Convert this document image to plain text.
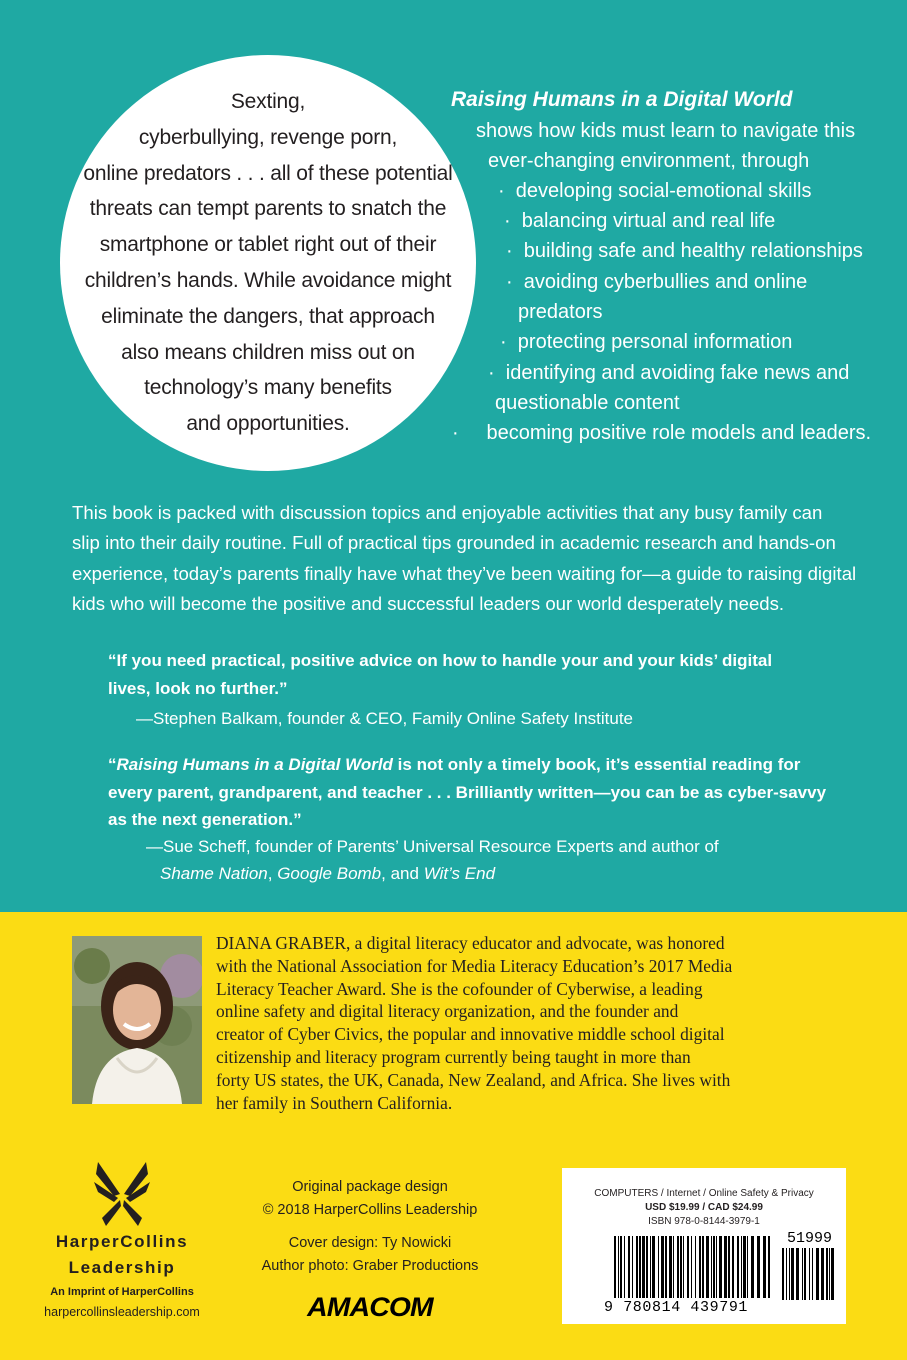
Sexting,
cyberbullying, revenge porn,
online predators . . . all of these potential
threats can tempt parents to snatch the
smartphone or tablet right out of their
children’s hands. While avoidance might
eliminate the dangers, that approach
also means children miss out on
technology’s many benefits
and opportunities.
Raising Humans in a Digital World
shows how kids must learn to navigate this
ever-changing environment, through
·  developing social-emotional skills
·  balancing virtual and real life
·  building safe and healthy relationships
·  avoiding cyberbullies and online
predators
·  protecting personal information
·  identifying and avoiding fake news and
questionable content
·     becoming positive role models and leaders.
This book is packed with discussion topics and enjoyable activities that any busy family can
slip into their daily routine. Full of practical tips grounded in academic research and hands-on
experience, today’s parents finally have what they’ve been waiting for—a guide to raising digital
kids who will become the positive and successful leaders our world desperately needs.
“If you need practical, positive advice on how to handle your and your kids’ digital
lives, look no further.”
—Stephen Balkam, founder & CEO, Family Online Safety Institute
“Raising Humans in a Digital World is not only a timely book, it’s essential reading for
every parent, grandparent, and teacher . . . Brilliantly written—you can be as cyber-savvy
as the next generation.”
—Sue Scheff, founder of Parents’ Universal Resource Experts and author of
Shame Nation, Google Bomb, and Wit’s End
DIANA GRABER, a digital literacy educator and advocate, was honored
with the National Association for Media Literacy Education’s 2017 Media
Literacy Teacher Award. She is the cofounder of Cyberwise, a leading
online safety and digital literacy organization, and the founder and
creator of Cyber Civics, the popular and innovative middle school digital
citizenship and literacy program currently being taught in more than
forty US states, the UK, Canada, New Zealand, and Africa. She lives with
her family in Southern California.
HarperCollins
Leadership
An Imprint of HarperCollins
harpercollinsleadership.com
Original package design
© 2018 HarperCollins Leadership
Cover design: Ty Nowicki
Author photo: Graber Productions
AMACOM
COMPUTERS / Internet / Online Safety & Privacy
USD $19.99 / CAD $24.99
ISBN 978-0-8144-3979-1
51999
9 780814 439791
